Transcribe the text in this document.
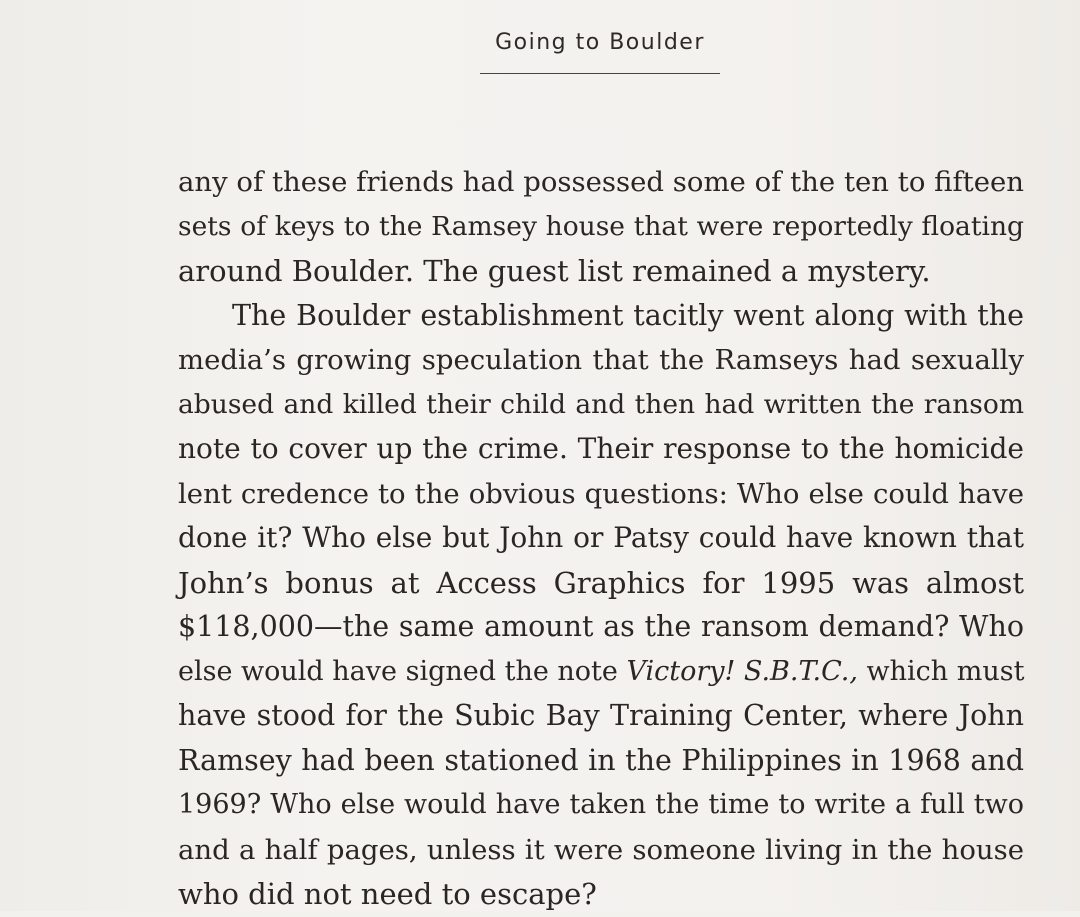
Going to Boulder
any of these friends had possessed some of the ten to fifteen
sets of keys to the Ramsey house that were reportedly floating
around Boulder. The guest list remained a mystery.
The Boulder establishment tacitly went along with the
media’s growing speculation that the Ramseys had sexually
abused and killed their child and then had written the ransom
note to cover up the crime. Their response to the homicide
lent credence to the obvious questions: Who else could have
done it? Who else but John or Patsy could have known that
John’s bonus at Access Graphics for 1995 was almost
$118,000—the same amount as the ransom demand? Who
else would have signed the note Victory! S.B.T.C., which must
have stood for the Subic Bay Training Center, where John
Ramsey had been stationed in the Philippines in 1968 and
1969? Who else would have taken the time to write a full two
and a half pages, unless it were someone living in the house
who did not need to escape?
